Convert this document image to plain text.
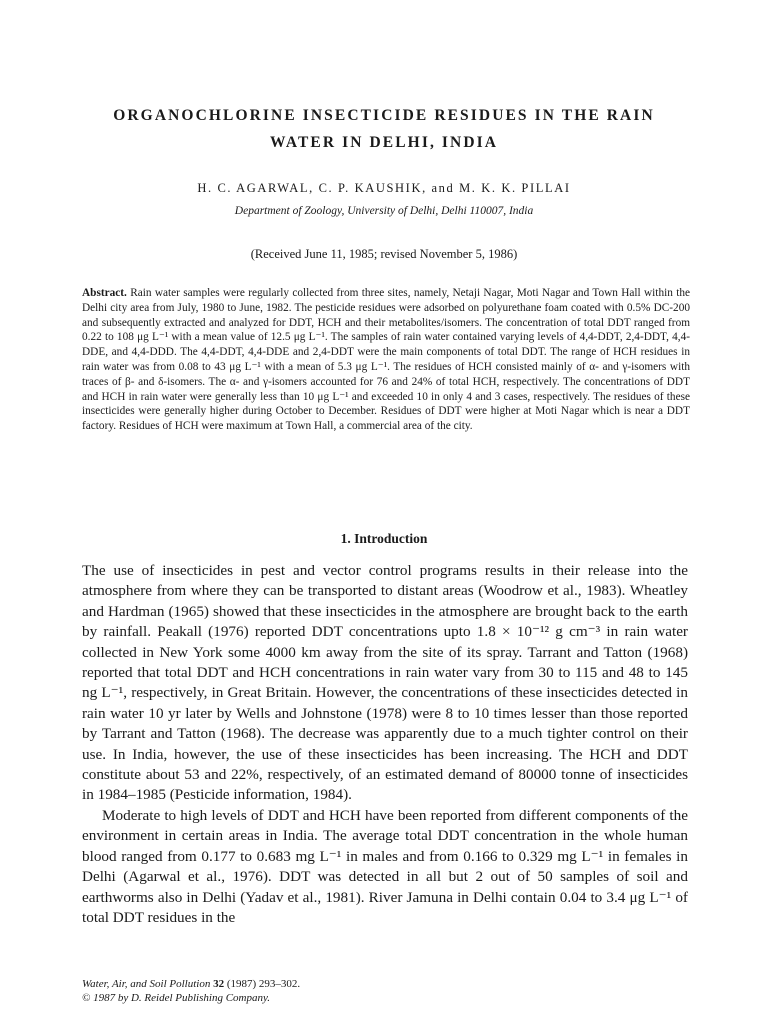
ORGANOCHLORINE INSECTICIDE RESIDUES IN THE RAIN
WATER IN DELHI, INDIA
H. C. AGARWAL, C. P. KAUSHIK, and M. K. K. PILLAI
Department of Zoology, University of Delhi, Delhi 110007, India
(Received June 11, 1985; revised November 5, 1986)
Abstract. Rain water samples were regularly collected from three sites, namely, Netaji Nagar, Moti Nagar and Town Hall within the Delhi city area from July, 1980 to June, 1982. The pesticide residues were adsorbed on polyurethane foam coated with 0.5% DC-200 and subsequently extracted and analyzed for DDT, HCH and their metabolites/isomers. The concentration of total DDT ranged from 0.22 to 108 μg L⁻¹ with a mean value of 12.5 μg L⁻¹. The samples of rain water contained varying levels of 4,4-DDT, 2,4-DDT, 4,4-DDE, and 4,4-DDD. The 4,4-DDT, 4,4-DDE and 2,4-DDT were the main components of total DDT. The range of HCH residues in rain water was from 0.08 to 43 μg L⁻¹ with a mean of 5.3 μg L⁻¹. The residues of HCH consisted mainly of α- and γ-isomers with traces of β- and δ-isomers. The α- and γ-isomers accounted for 76 and 24% of total HCH, respectively. The concentrations of DDT and HCH in rain water were generally less than 10 μg L⁻¹ and exceeded 10 in only 4 and 3 cases, respectively. The residues of these insecticides were generally higher during October to December. Residues of DDT were higher at Moti Nagar which is near a DDT factory. Residues of HCH were maximum at Town Hall, a commercial area of the city.
1. Introduction

The use of insecticides in pest and vector control programs results in their release into the atmosphere from where they can be transported to distant areas (Woodrow et al., 1983). Wheatley and Hardman (1965) showed that these insecticides in the atmosphere are brought back to the earth by rainfall. Peakall (1976) reported DDT concentrations upto 1.8 × 10⁻¹² g cm⁻³ in rain water collected in New York some 4000 km away from the site of its spray. Tarrant and Tatton (1968) reported that total DDT and HCH concentrations in rain water vary from 30 to 115 and 48 to 145 ng L⁻¹, respectively, in Great Britain. However, the concentrations of these insecticides detected in rain water 10 yr later by Wells and Johnstone (1978) were 8 to 10 times lesser than those reported by Tarrant and Tatton (1968). The decrease was apparently due to a much tighter control on their use. In India, however, the use of these insecticides has been increasing. The HCH and DDT constitute about 53 and 22%, respectively, of an estimated demand of 80000 tonne of insecticides in 1984–1985 (Pesticide information, 1984).

Moderate to high levels of DDT and HCH have been reported from different components of the environment in certain areas in India. The average total DDT concentration in the whole human blood ranged from 0.177 to 0.683 mg L⁻¹ in males and from 0.166 to 0.329 mg L⁻¹ in females in Delhi (Agarwal et al., 1976). DDT was detected in all but 2 out of 50 samples of soil and earthworms also in Delhi (Yadav et al., 1981). River Jamuna in Delhi contain 0.04 to 3.4 μg L⁻¹ of total DDT residues in the

Water, Air, and Soil Pollution 32 (1987) 293–302.
© 1987 by D. Reidel Publishing Company.
